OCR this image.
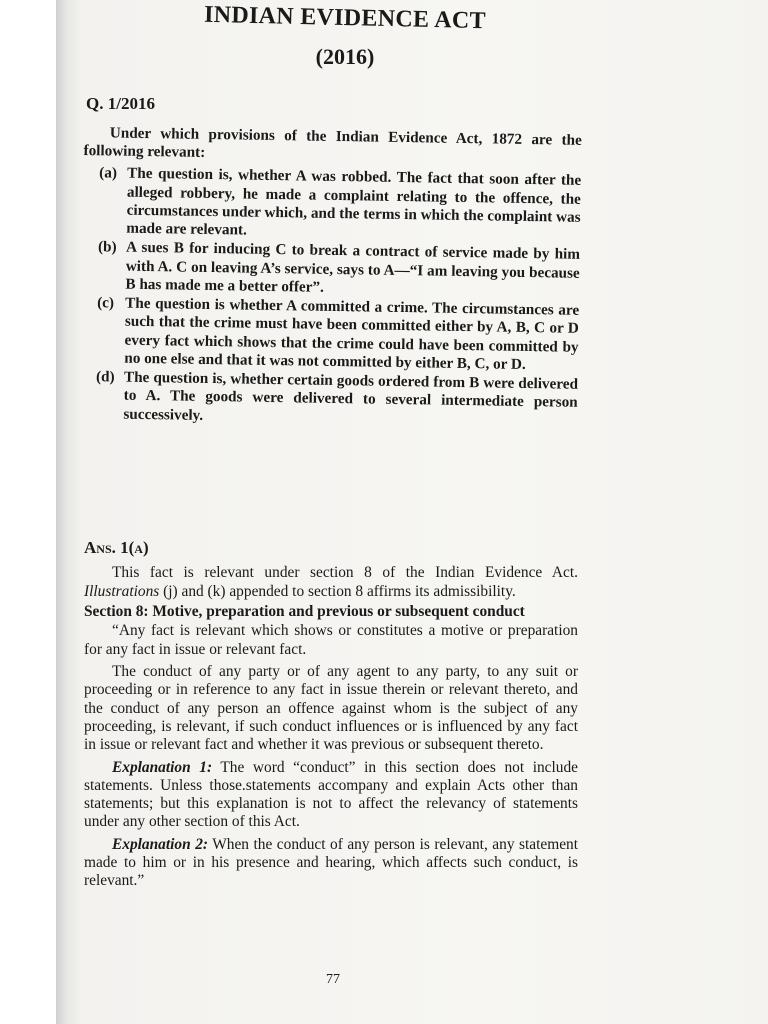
INDIAN EVIDENCE ACT
(2016)
Q. 1/2016

Under which provisions of the Indian Evidence Act, 1872 are the following relevant:

(a) The question is, whether A was robbed. The fact that soon after the alleged robbery, he made a complaint relating to the offence, the circumstances under which, and the terms in which the complaint was made are relevant.
(b) A sues B for inducing C to break a contract of service made by him with A. C on leaving A’s service, says to A—“I am leaving you because B has made me a better offer”.
(c) The question is whether A committed a crime. The circumstances are such that the crime must have been committed either by A, B, C or D every fact which shows that the crime could have been committed by no one else and that it was not committed by either B, C, or D.
(d) The question is, whether certain goods ordered from B were delivered to A. The goods were delivered to several intermediate person successively.
Ans. 1(a)

This fact is relevant under section 8 of the Indian Evidence Act. Illustrations (j) and (k) appended to section 8 affirms its admissibility.

Section 8: Motive, preparation and previous or subsequent conduct

“Any fact is relevant which shows or constitutes a motive or preparation for any fact in issue or relevant fact.

The conduct of any party or of any agent to any party, to any suit or proceeding or in reference to any fact in issue therein or relevant thereto, and the conduct of any person an offence against whom is the subject of any proceeding, is relevant, if such conduct influences or is influenced by any fact in issue or relevant fact and whether it was previous or subsequent thereto.

Explanation 1: The word “conduct” in this section does not include statements. Unless those.statements accompany and explain Acts other than statements; but this explanation is not to affect the relevancy of statements under any other section of this Act.

Explanation 2: When the conduct of any person is relevant, any statement made to him or in his presence and hearing, which affects such conduct, is relevant.”

77
